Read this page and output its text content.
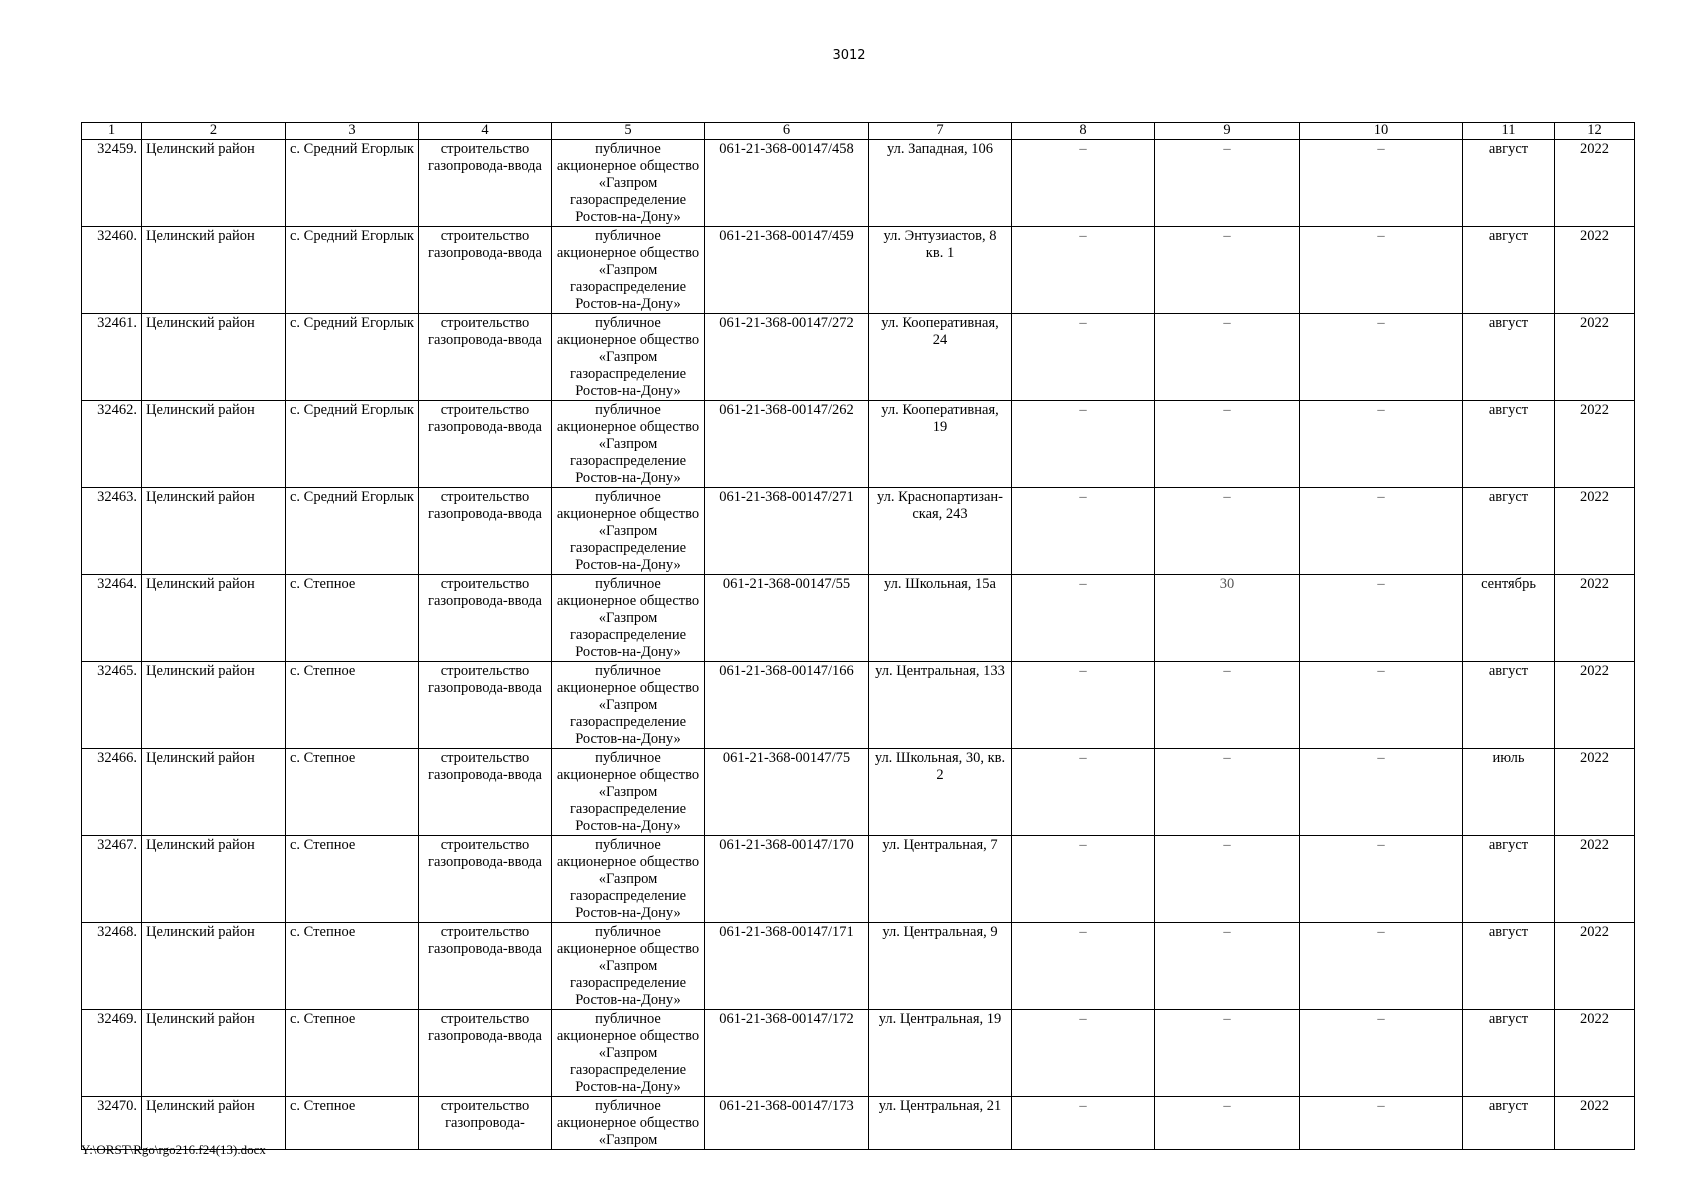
3012
1	2	3	4	5	6	7	8	9	10	11	12
32459.	Целинский район	с. Средний Егорлык	строительство газопровода-ввода	публичное акционерное общество «Газпром газораспределение Ростов-на-Дону»	061-21-368-00147/458	ул. Западная, 106	–	–	–	август	2022
32460.	Целинский район	с. Средний Егорлык	строительство газопровода-ввода	публичное акционерное общество «Газпром газораспределение Ростов-на-Дону»	061-21-368-00147/459	ул. Энтузиастов, 8 кв. 1	–	–	–	август	2022
32461.	Целинский район	с. Средний Егорлык	строительство газопровода-ввода	публичное акционерное общество «Газпром газораспределение Ростов-на-Дону»	061-21-368-00147/272	ул. Кооперативная, 24	–	–	–	август	2022
32462.	Целинский район	с. Средний Егорлык	строительство газопровода-ввода	публичное акционерное общество «Газпром газораспределение Ростов-на-Дону»	061-21-368-00147/262	ул. Кооперативная, 19	–	–	–	август	2022
32463.	Целинский район	с. Средний Егорлык	строительство газопровода-ввода	публичное акционерное общество «Газпром газораспределение Ростов-на-Дону»	061-21-368-00147/271	ул. Краснопартизан-ская, 243	–	–	–	август	2022
32464.	Целинский район	с. Степное	строительство газопровода-ввода	публичное акционерное общество «Газпром газораспределение Ростов-на-Дону»	061-21-368-00147/55	ул. Школьная, 15а	–	30	–	сентябрь	2022
32465.	Целинский район	с. Степное	строительство газопровода-ввода	публичное акционерное общество «Газпром газораспределение Ростов-на-Дону»	061-21-368-00147/166	ул. Центральная, 133	–	–	–	август	2022
32466.	Целинский район	с. Степное	строительство газопровода-ввода	публичное акционерное общество «Газпром газораспределение Ростов-на-Дону»	061-21-368-00147/75	ул. Школьная, 30, кв. 2	–	–	–	июль	2022
32467.	Целинский район	с. Степное	строительство газопровода-ввода	публичное акционерное общество «Газпром газораспределение Ростов-на-Дону»	061-21-368-00147/170	ул. Центральная, 7	–	–	–	август	2022
32468.	Целинский район	с. Степное	строительство газопровода-ввода	публичное акционерное общество «Газпром газораспределение Ростов-на-Дону»	061-21-368-00147/171	ул. Центральная, 9	–	–	–	август	2022
32469.	Целинский район	с. Степное	строительство газопровода-ввода	публичное акционерное общество «Газпром газораспределение Ростов-на-Дону»	061-21-368-00147/172	ул. Центральная, 19	–	–	–	август	2022
32470.	Целинский район	с. Степное	строительство газопровода-	публичное акционерное общество «Газпром	061-21-368-00147/173	ул. Центральная, 21	–	–	–	август	2022
Y:\ORST\Rgo\rgo216.f24(13).docx
